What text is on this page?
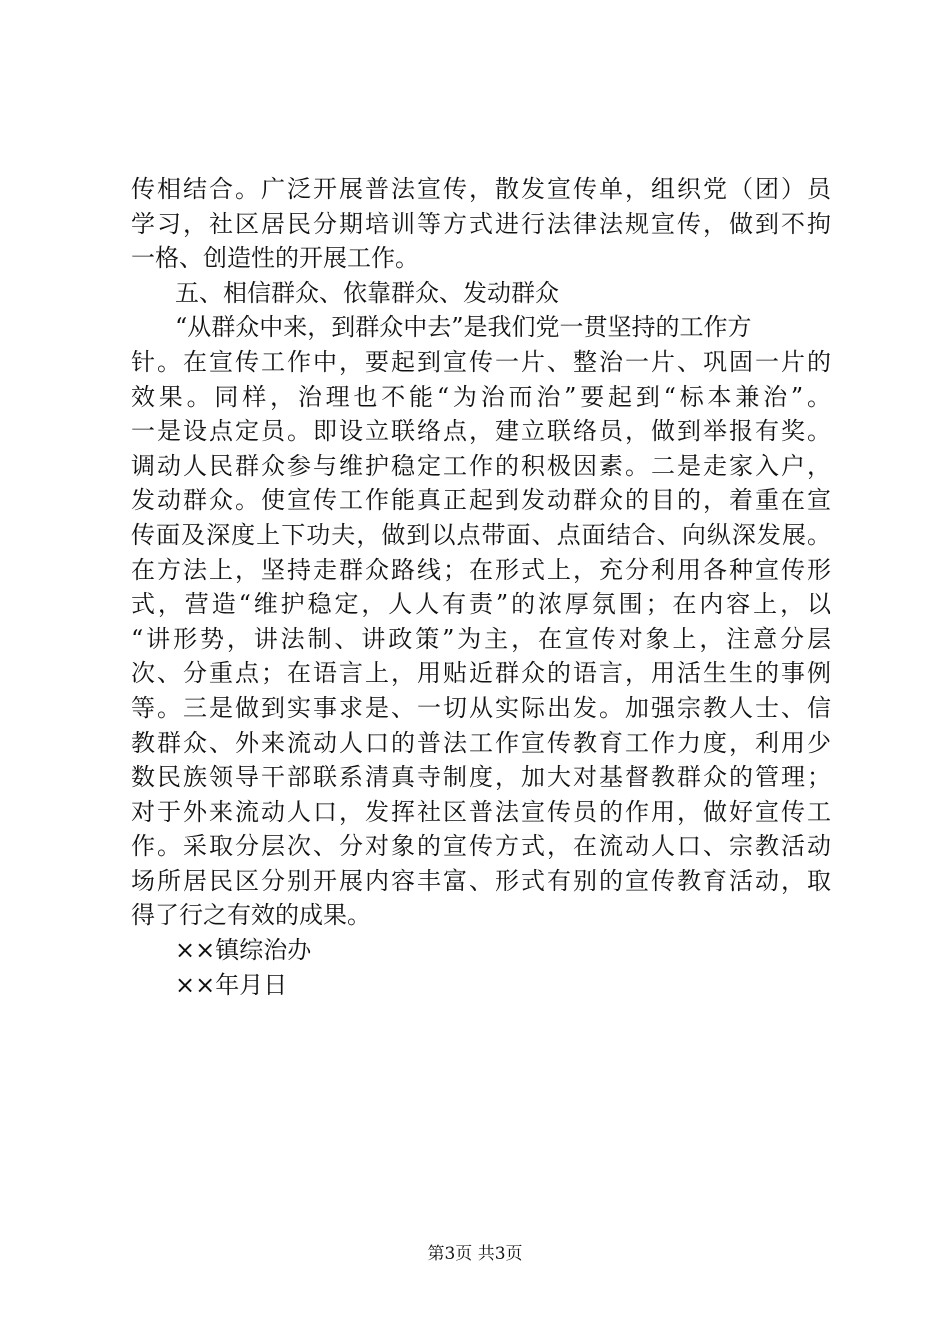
传相结合。广泛开展普法宣传，散发宣传单，组织党（团）员
学习，社区居民分期培训等方式进行法律法规宣传，做到不拘
一格、创造性的开展工作。
五、相信群众、依靠群众、发动群众
“从群众中来，到群众中去”是我们党一贯坚持的工作方
针。在宣传工作中，要起到宣传一片、整治一片、巩固一片的
效果。同样，治理也不能“为治而治”要起到“标本兼治”。
一是设点定员。即设立联络点，建立联络员，做到举报有奖。
调动人民群众参与维护稳定工作的积极因素。二是走家入户，
发动群众。使宣传工作能真正起到发动群众的目的，着重在宣
传面及深度上下功夫，做到以点带面、点面结合、向纵深发展。
在方法上，坚持走群众路线；在形式上，充分利用各种宣传形
式，营造“维护稳定，人人有责”的浓厚氛围；在内容上，以
“讲形势，讲法制、讲政策”为主，在宣传对象上，注意分层
次、分重点；在语言上，用贴近群众的语言，用活生生的事例
等。三是做到实事求是、一切从实际出发。加强宗教人士、信
教群众、外来流动人口的普法工作宣传教育工作力度，利用少
数民族领导干部联系清真寺制度，加大对基督教群众的管理；
对于外来流动人口，发挥社区普法宣传员的作用，做好宣传工
作。采取分层次、分对象的宣传方式，在流动人口、宗教活动
场所居民区分别开展内容丰富、形式有别的宣传教育活动，取
得了行之有效的成果。
××镇综治办
××年月日
第3页 共3页
